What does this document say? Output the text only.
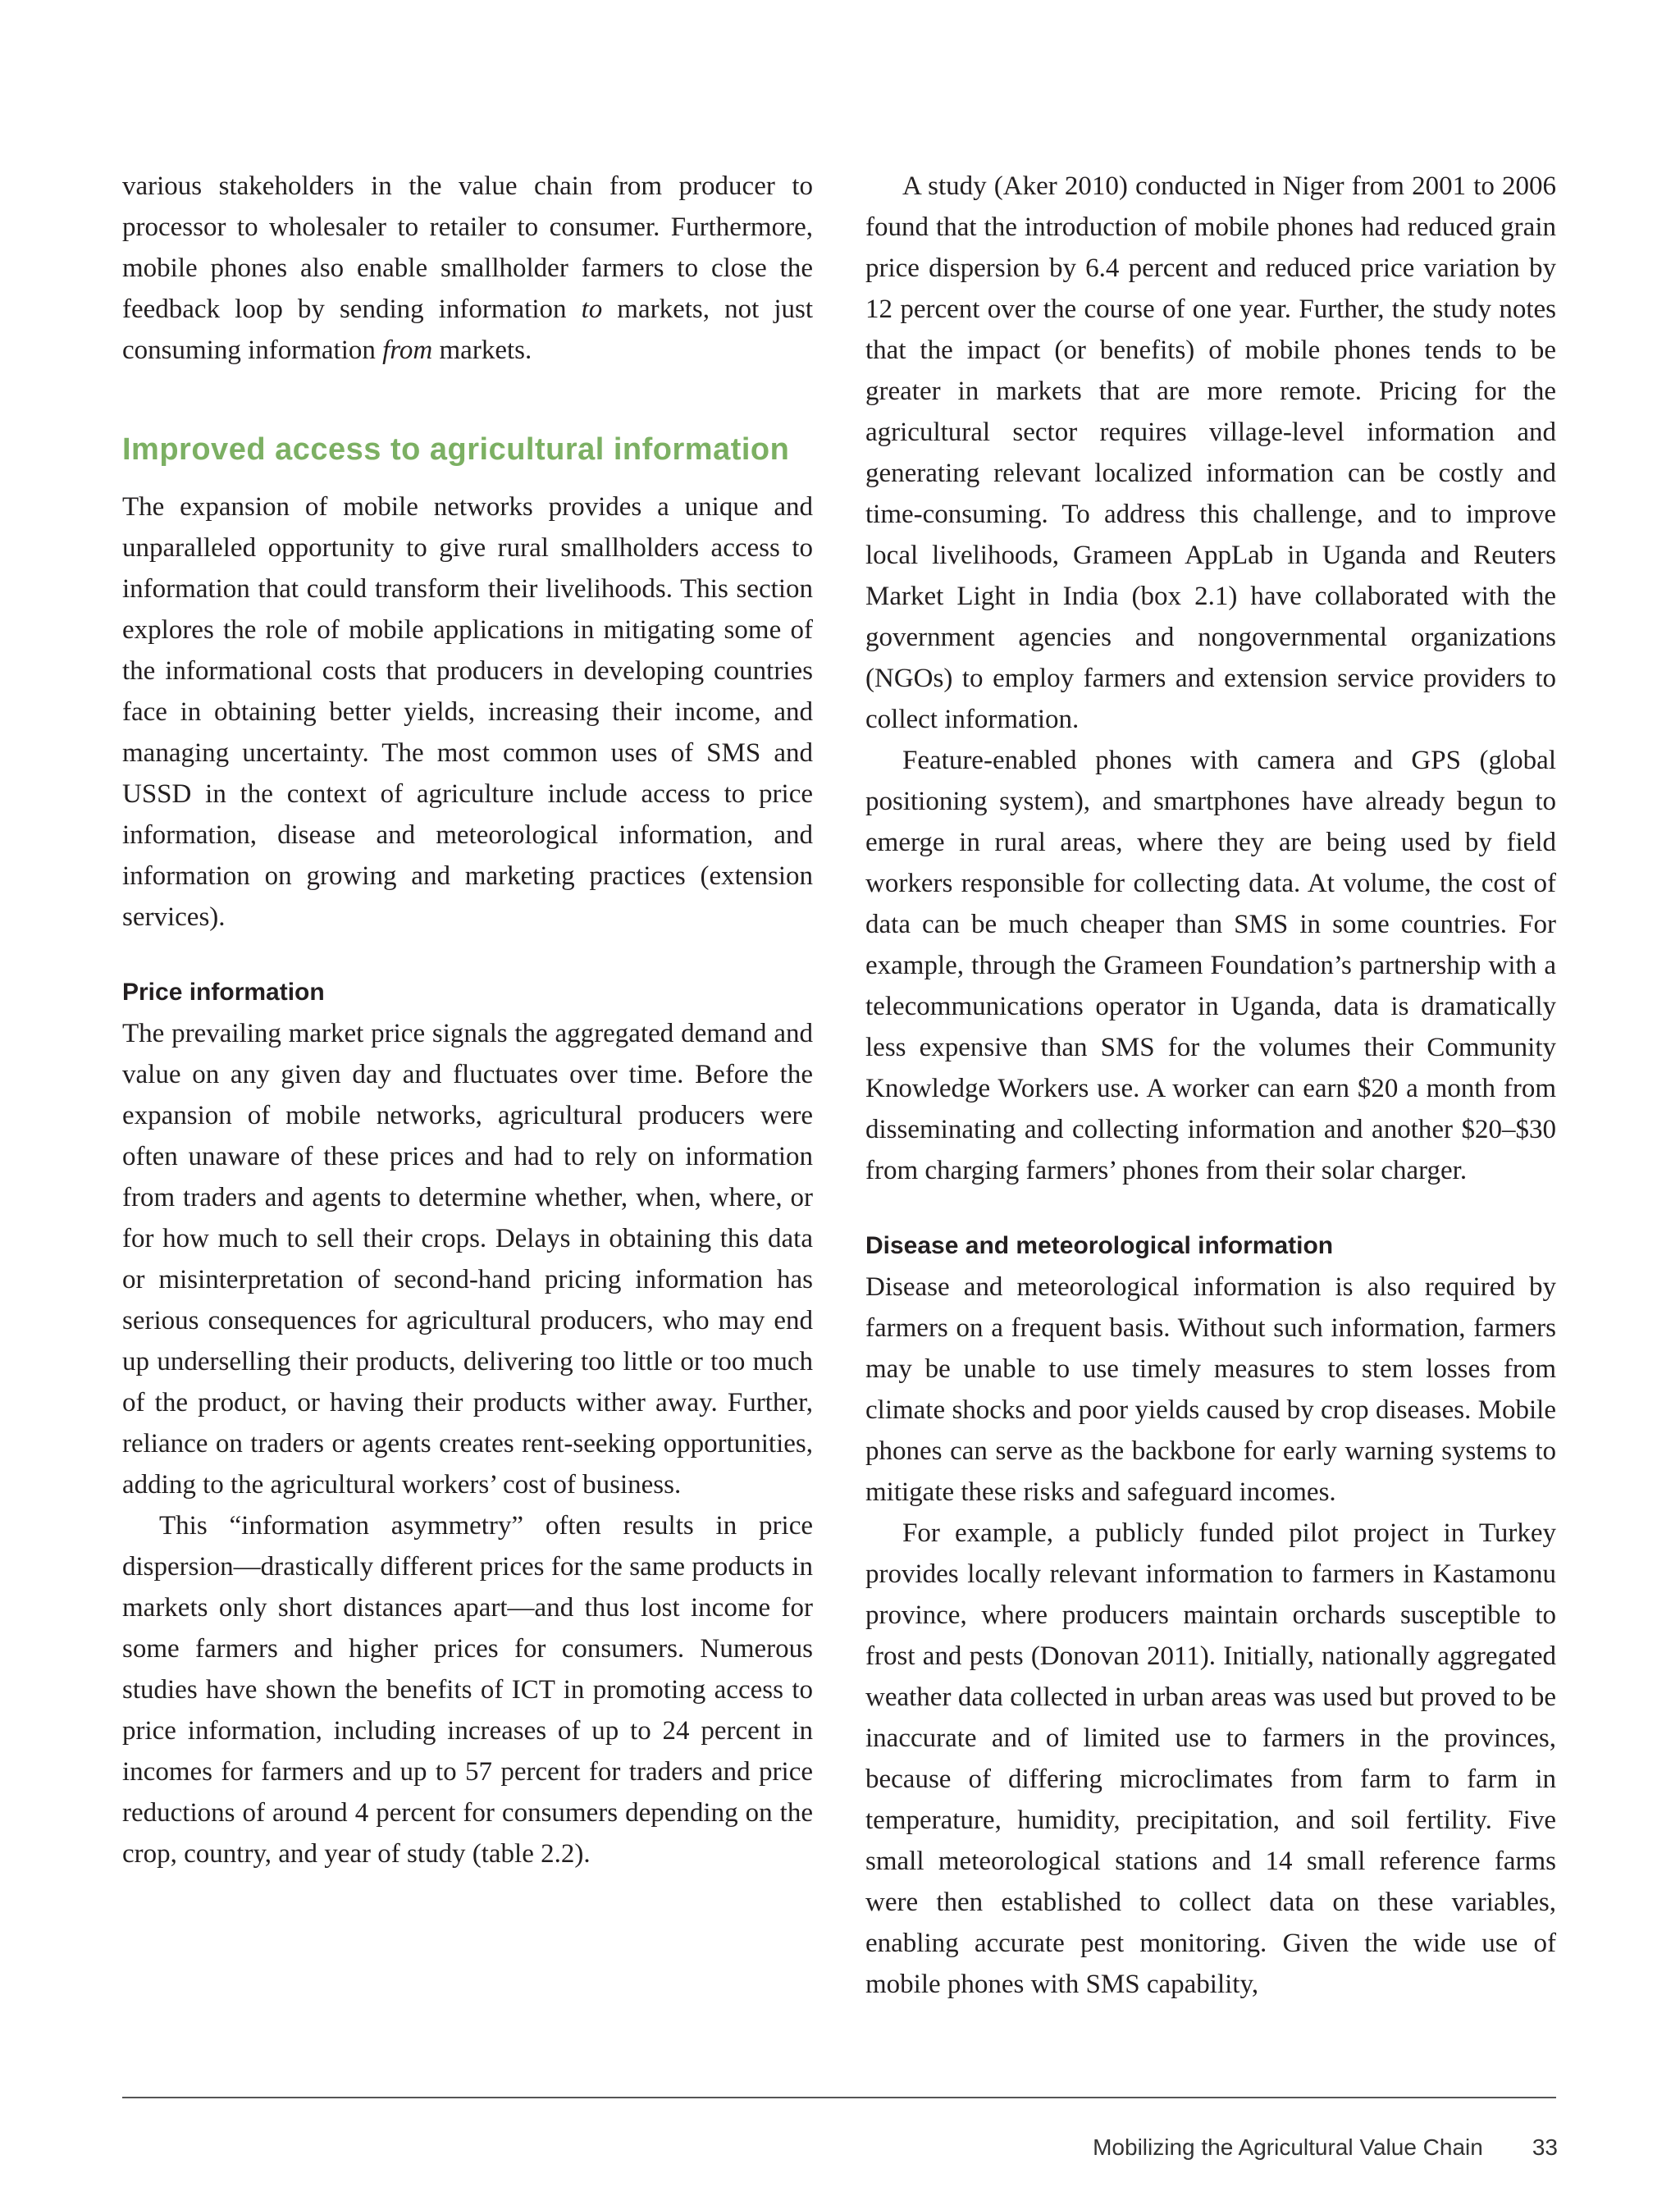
various stakeholders in the value chain from producer to processor to wholesaler to retailer to consumer. Furthermore, mobile phones also enable smallholder farmers to close the feedback loop by sending information to markets, not just consuming information from markets.

Improved access to agricultural information

The expansion of mobile networks provides a unique and unparalleled opportunity to give rural smallholders access to information that could transform their livelihoods. This section explores the role of mobile applications in mitigating some of the informational costs that producers in developing countries face in obtaining better yields, increasing their income, and managing uncertainty. The most common uses of SMS and USSD in the context of agriculture include access to price information, disease and meteorological information, and information on growing and marketing practices (extension services).

Price information

The prevailing market price signals the aggregated demand and value on any given day and fluctuates over time. Before the expansion of mobile networks, agricultural producers were often unaware of these prices and had to rely on information from traders and agents to determine whether, when, where, or for how much to sell their crops. Delays in obtaining this data or misinterpretation of second-hand pricing information has serious consequences for agricultural producers, who may end up underselling their products, delivering too little or too much of the product, or having their products wither away. Further, reliance on traders or agents creates rent-seeking opportunities, adding to the agricultural workers’ cost of business.

This “information asymmetry” often results in price dispersion—drastically different prices for the same products in markets only short distances apart—and thus lost income for some farmers and higher prices for consumers. Numerous studies have shown the benefits of ICT in promoting access to price information, including increases of up to 24 percent in incomes for farmers and up to 57 percent for traders and price reductions of around 4 percent for consumers depending on the crop, country, and year of study (table 2.2).

A study (Aker 2010) conducted in Niger from 2001 to 2006 found that the introduction of mobile phones had reduced grain price dispersion by 6.4 percent and reduced price variation by 12 percent over the course of one year. Further, the study notes that the impact (or benefits) of mobile phones tends to be greater in markets that are more remote. Pricing for the agricultural sector requires village-level information and generating relevant localized information can be costly and time-consuming. To address this challenge, and to improve local livelihoods, Grameen AppLab in Uganda and Reuters Market Light in India (box 2.1) have collaborated with the government agencies and nongovernmental organizations (NGOs) to employ farmers and extension service providers to collect information.

Feature-enabled phones with camera and GPS (global positioning system), and smartphones have already begun to emerge in rural areas, where they are being used by field workers responsible for collecting data. At volume, the cost of data can be much cheaper than SMS in some countries. For example, through the Grameen Foundation’s partnership with a telecommunications operator in Uganda, data is dramatically less expensive than SMS for the volumes their Community Knowledge Workers use. A worker can earn $20 a month from disseminating and collecting information and another $20–$30 from charging farmers’ phones from their solar charger.

Disease and meteorological information

Disease and meteorological information is also required by farmers on a frequent basis. Without such information, farmers may be unable to use timely measures to stem losses from climate shocks and poor yields caused by crop diseases. Mobile phones can serve as the backbone for early warning systems to mitigate these risks and safeguard incomes.

For example, a publicly funded pilot project in Turkey provides locally relevant information to farmers in Kastamonu province, where producers maintain orchards susceptible to frost and pests (Donovan 2011). Initially, nationally aggregated weather data collected in urban areas was used but proved to be inaccurate and of limited use to farmers in the provinces, because of differing microclimates from farm to farm in temperature, humidity, precipitation, and soil fertility. Five small meteorological stations and 14 small reference farms were then established to collect data on these variables, enabling accurate pest monitoring. Given the wide use of mobile phones with SMS capability,

Mobilizing the Agricultural Value Chain 33
